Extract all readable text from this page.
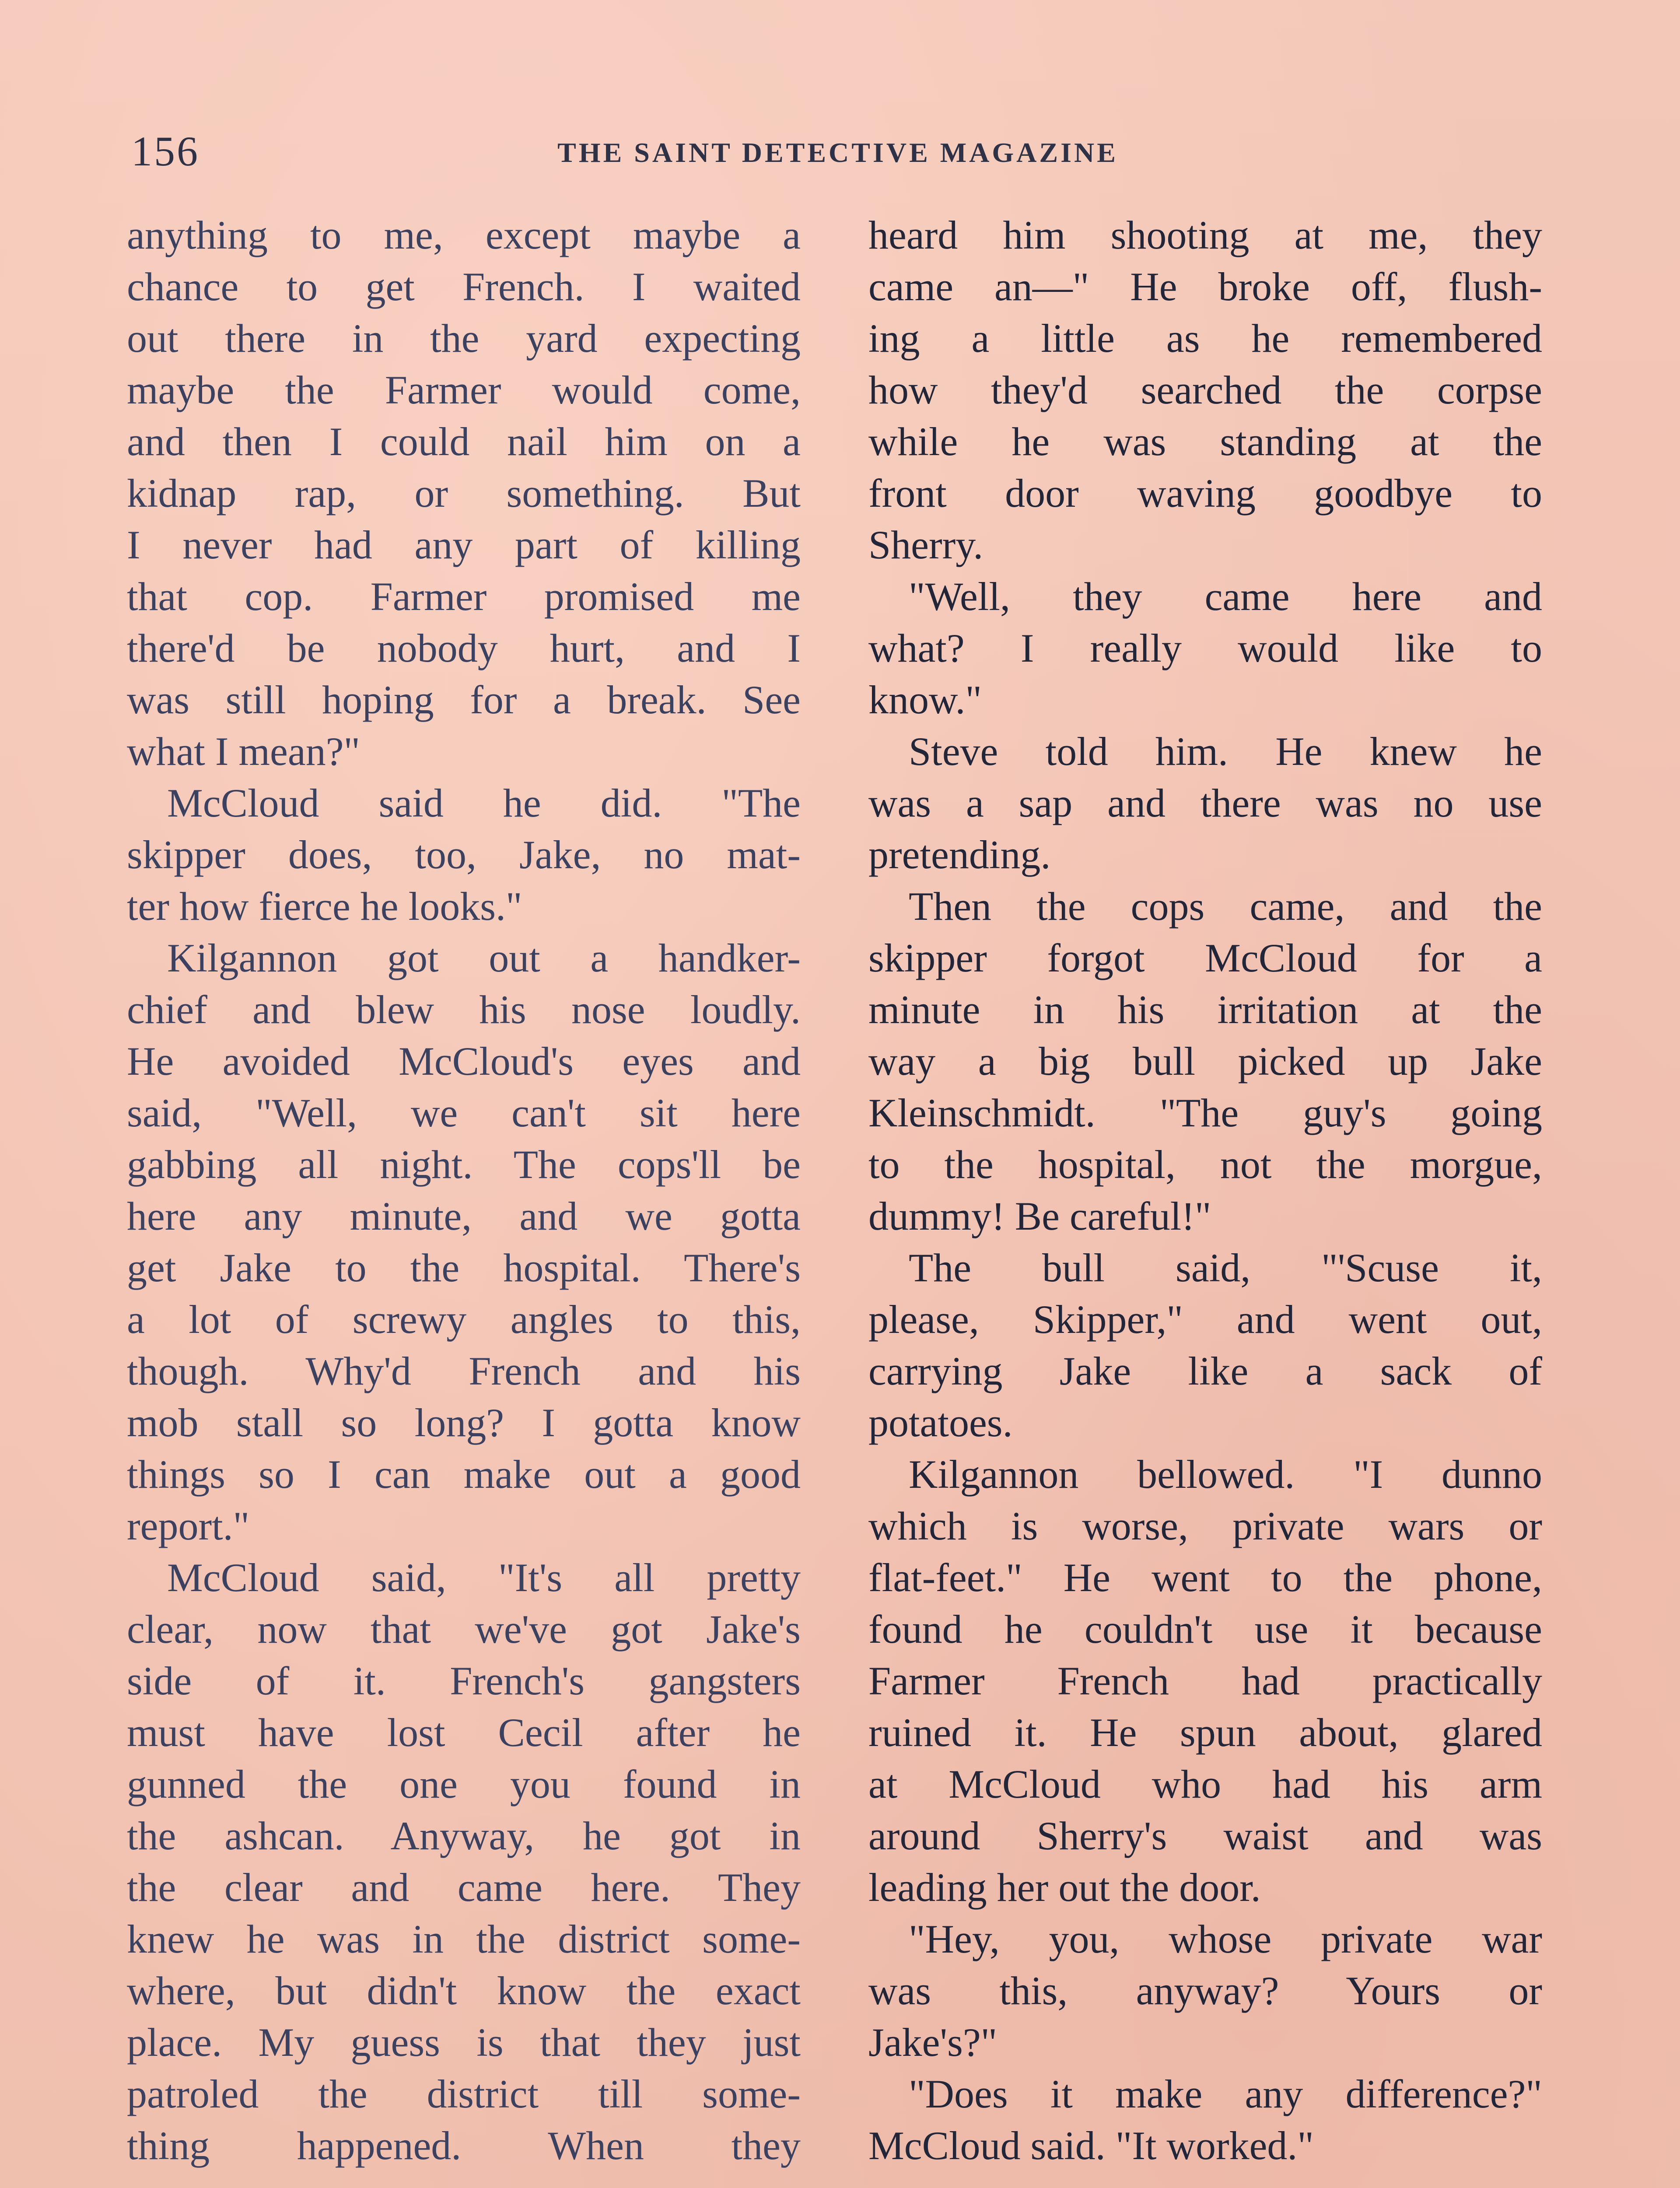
156	THE SAINT DETECTIVE MAGAZINE
anything to me, except maybe a
chance to get French. I waited
out there in the yard expecting
maybe the Farmer would come,
and then I could nail him on a
kidnap rap, or something. But
I never had any part of killing
that cop. Farmer promised me
there'd be nobody hurt, and I
was still hoping for a break. See
what I mean?"
McCloud said he did. "The
skipper does, too, Jake, no mat-
ter how fierce he looks."
Kilgannon got out a handker-
chief and blew his nose loudly.
He avoided McCloud's eyes and
said, "Well, we can't sit here
gabbing all night. The cops'll be
here any minute, and we gotta
get Jake to the hospital. There's
a lot of screwy angles to this,
though. Why'd French and his
mob stall so long? I gotta know
things so I can make out a good
report."
McCloud said, "It's all pretty
clear, now that we've got Jake's
side of it. French's gangsters
must have lost Cecil after he
gunned the one you found in
the ashcan. Anyway, he got in
the clear and came here. They
knew he was in the district some-
where, but didn't know the exact
place. My guess is that they just
patroled the district till some-
thing happened. When they
heard him shooting at me, they
came an—" He broke off, flush-
ing a little as he remembered
how they'd searched the corpse
while he was standing at the
front door waving goodbye to
Sherry.
"Well, they came here and
what? I really would like to
know."
Steve told him. He knew he
was a sap and there was no use
pretending.
Then the cops came, and the
skipper forgot McCloud for a
minute in his irritation at the
way a big bull picked up Jake
Kleinschmidt. "The guy's going
to the hospital, not the morgue,
dummy! Be careful!"
The bull said, "'Scuse it,
please, Skipper," and went out,
carrying Jake like a sack of
potatoes.
Kilgannon bellowed. "I dunno
which is worse, private wars or
flat-feet." He went to the phone,
found he couldn't use it because
Farmer French had practically
ruined it. He spun about, glared
at McCloud who had his arm
around Sherry's waist and was
leading her out the door.
"Hey, you, whose private war
was this, anyway? Yours or
Jake's?"
"Does it make any difference?"
McCloud said. "It worked."
